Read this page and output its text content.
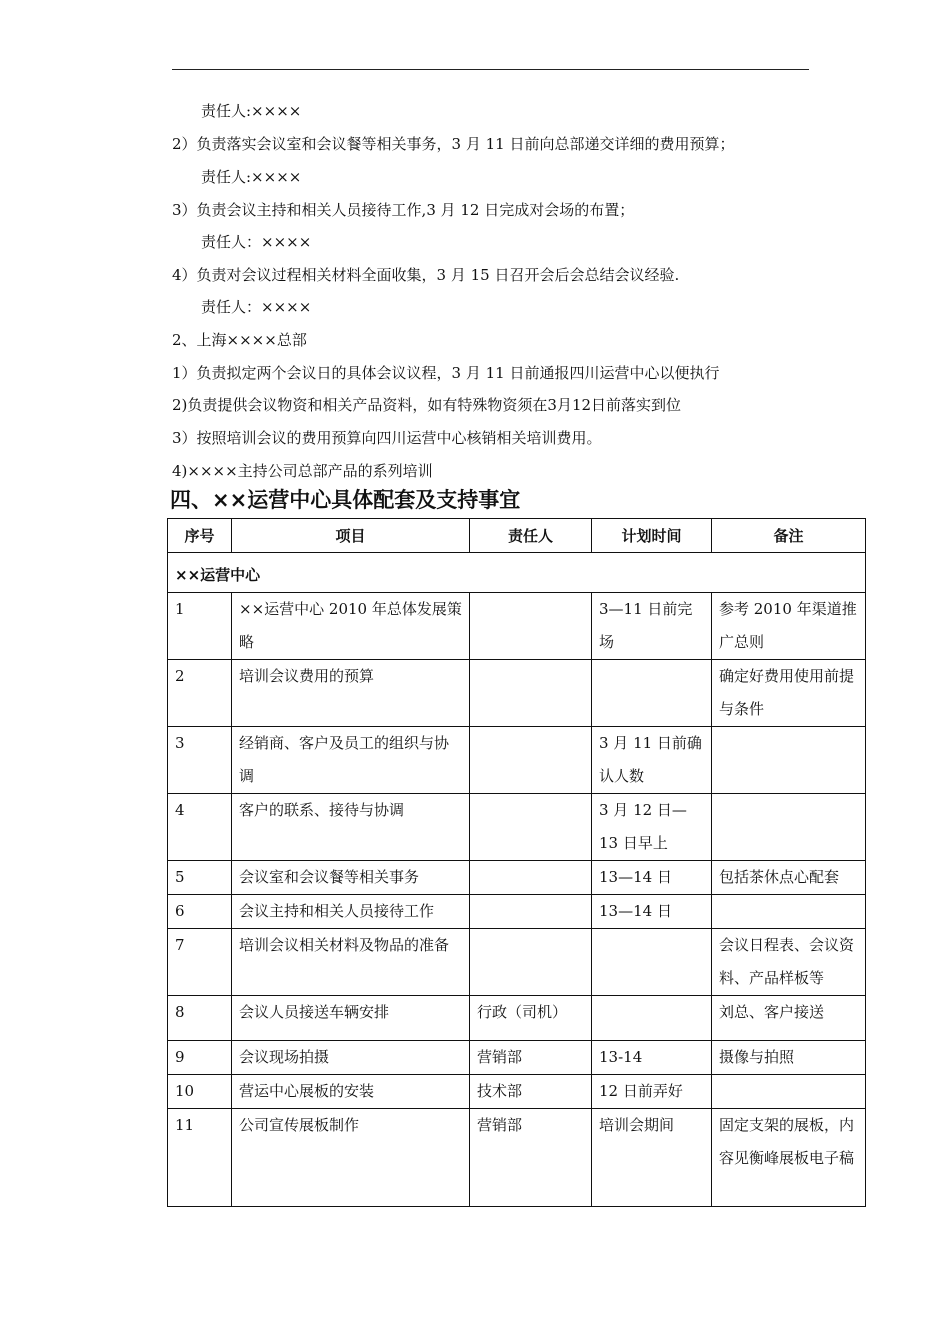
责任人:××××
2）负责落实会议室和会议餐等相关事务，3 月 11 日前向总部递交详细的费用预算；
责任人:××××
3）负责会议主持和相关人员接待工作,3 月 12 日完成对会场的布置；
责任人：××××
4）负责对会议过程相关材料全面收集，3 月 15 日召开会后会总结会议经验.
责任人：××××
2、上海××××总部
1）负责拟定两个会议日的具体会议议程，3 月 11 日前通报四川运营中心以便执行
2)负责提供会议物资和相关产品资料，如有特殊物资须在3月12日前落实到位
3）按照培训会议的费用预算向四川运营中心核销相关培训费用。
4)××××主持公司总部产品的系列培训
四、××运营中心具体配套及支持事宜
序号	项目	责任人	计划时间	备注
××运营中心				

1	××运营中心 2010 年总体发展策略		3—11 日前完场	参考 2010 年渠道推广总则

2	培训会议费用的预算			确定好费用使用前提与条件

3	经销商、客户及员工的组织与协调		3 月 11 日前确认人数	

4	客户的联系、接待与协调		3 月 12 日—13 日早上	

5	会议室和会议餐等相关事务		13—14 日	包括茶休点心配套

6	会议主持和相关人员接待工作		13—14 日	

7	培训会议相关材料及物品的准备			会议日程表、会议资料、产品样板等

8	会议人员接送车辆安排	行政（司机）		刘总、客户接送

9	会议现场拍摄	营销部	13-14	摄像与拍照

10	营运中心展板的安装	技术部	12 日前弄好	

11	公司宣传展板制作	营销部	培训会期间	固定支架的展板，内容见衡峰展板电子稿
